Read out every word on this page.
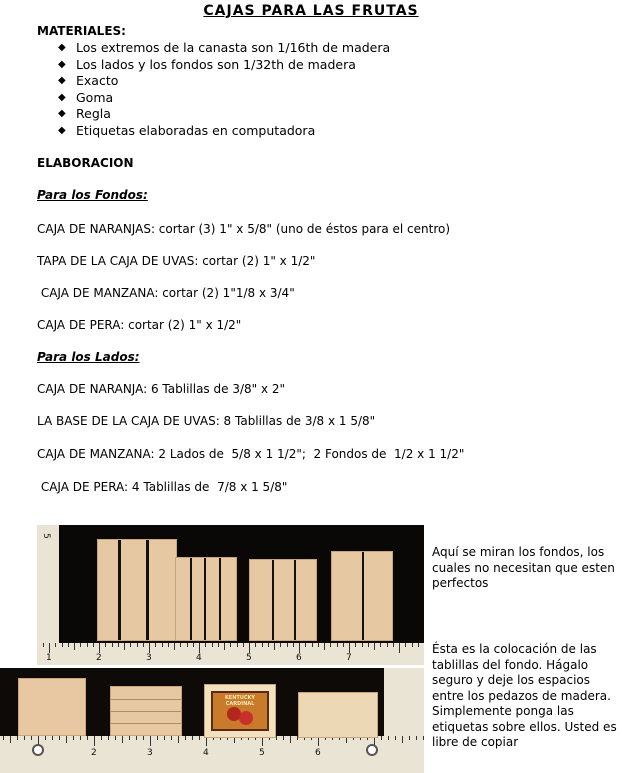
CAJAS PARA LAS FRUTAS
MATERIALES:
◆ Los extremos de la canasta son 1/16th de madera
◆ Los lados y los fondos son 1/32th de madera
◆ Exacto
◆ Goma
◆ Regla
◆ Etiquetas elaboradas en computadora
ELABORACION
Para los Fondos:
CAJA DE NARANJAS: cortar (3) 1" x 5/8" (uno de éstos para el centro)
TAPA DE LA CAJA DE UVAS: cortar (2) 1" x 1/2"
CAJA DE MANZANA: cortar (2) 1"1/8 x 3/4"
CAJA DE PERA: cortar (2) 1" x 1/2"
Para los Lados:
CAJA DE NARANJA: 6 Tablillas de 3/8" x 2"
LA BASE DE LA CAJA DE UVAS: 8 Tablillas de 3/8 x 1 5/8"
CAJA DE MANZANA: 2 Lados de  5/8 x 1 1/2";  2 Fondos de  1/2 x 1 1/2"
CAJA DE PERA: 4 Tablillas de  7/8 x 1 5/8"
1	2	3	4	5	6	7
5
Aquí se miran los fondos, los cuales no necesitan que esten perfectos
2	3	4	5	6
KENTUCKY CARDINAL
Ésta es la colocación de las tablillas del fondo. Hágalo seguro y deje los espacios entre los pedazos de madera. Simplemente ponga las etiquetas sobre ellos. Usted es libre de copiar
